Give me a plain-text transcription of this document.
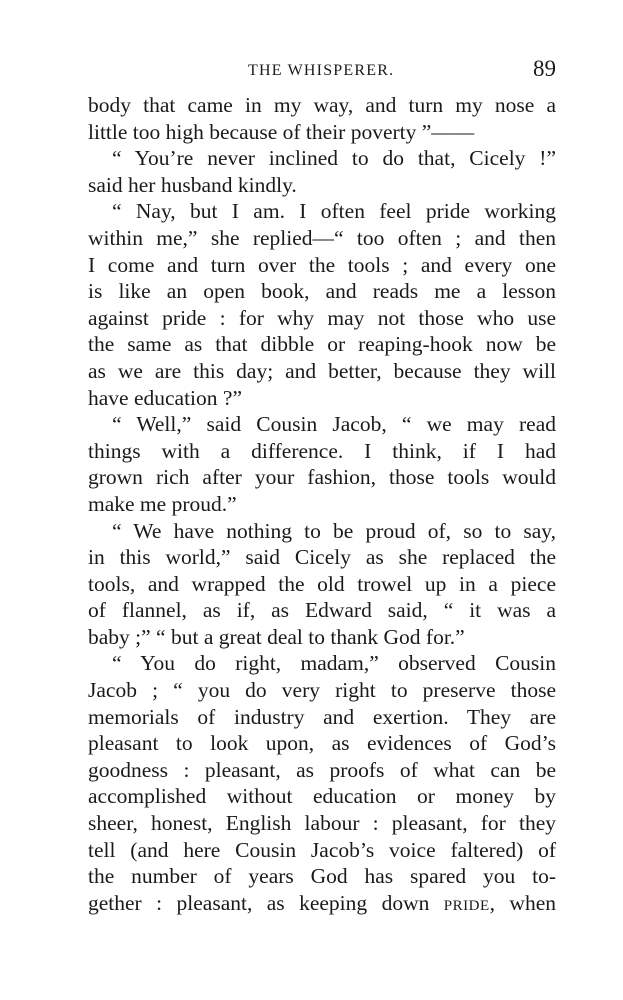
THE WHISPERER.	89
body that came in my way, and turn my nose a
little too high because of their poverty ”——
“ You’re never inclined to do that, Cicely !”
said her husband kindly.
“ Nay, but I am. I often feel pride working
within me,” she replied—“ too often ; and then
I come and turn over the tools ; and every one
is like an open book, and reads me a lesson
against pride : for why may not those who use
the same as that dibble or reaping-hook now be
as we are this day; and better, because they will
have education ?”
“ Well,” said Cousin Jacob, “ we may read
things with a difference. I think, if I had
grown rich after your fashion, those tools would
make me proud.”
“ We have nothing to be proud of, so to say,
in this world,” said Cicely as she replaced the
tools, and wrapped the old trowel up in a piece
of flannel, as if, as Edward said, “ it was a
baby ;” “ but a great deal to thank God for.”
“ You do right, madam,” observed Cousin
Jacob ; “ you do very right to preserve those
memorials of industry and exertion. They are
pleasant to look upon, as evidences of God’s
goodness : pleasant, as proofs of what can be
accomplished without education or money by
sheer, honest, English labour : pleasant, for they
tell (and here Cousin Jacob’s voice faltered) of
the number of years God has spared you to-
gether : pleasant, as keeping down pride, when
